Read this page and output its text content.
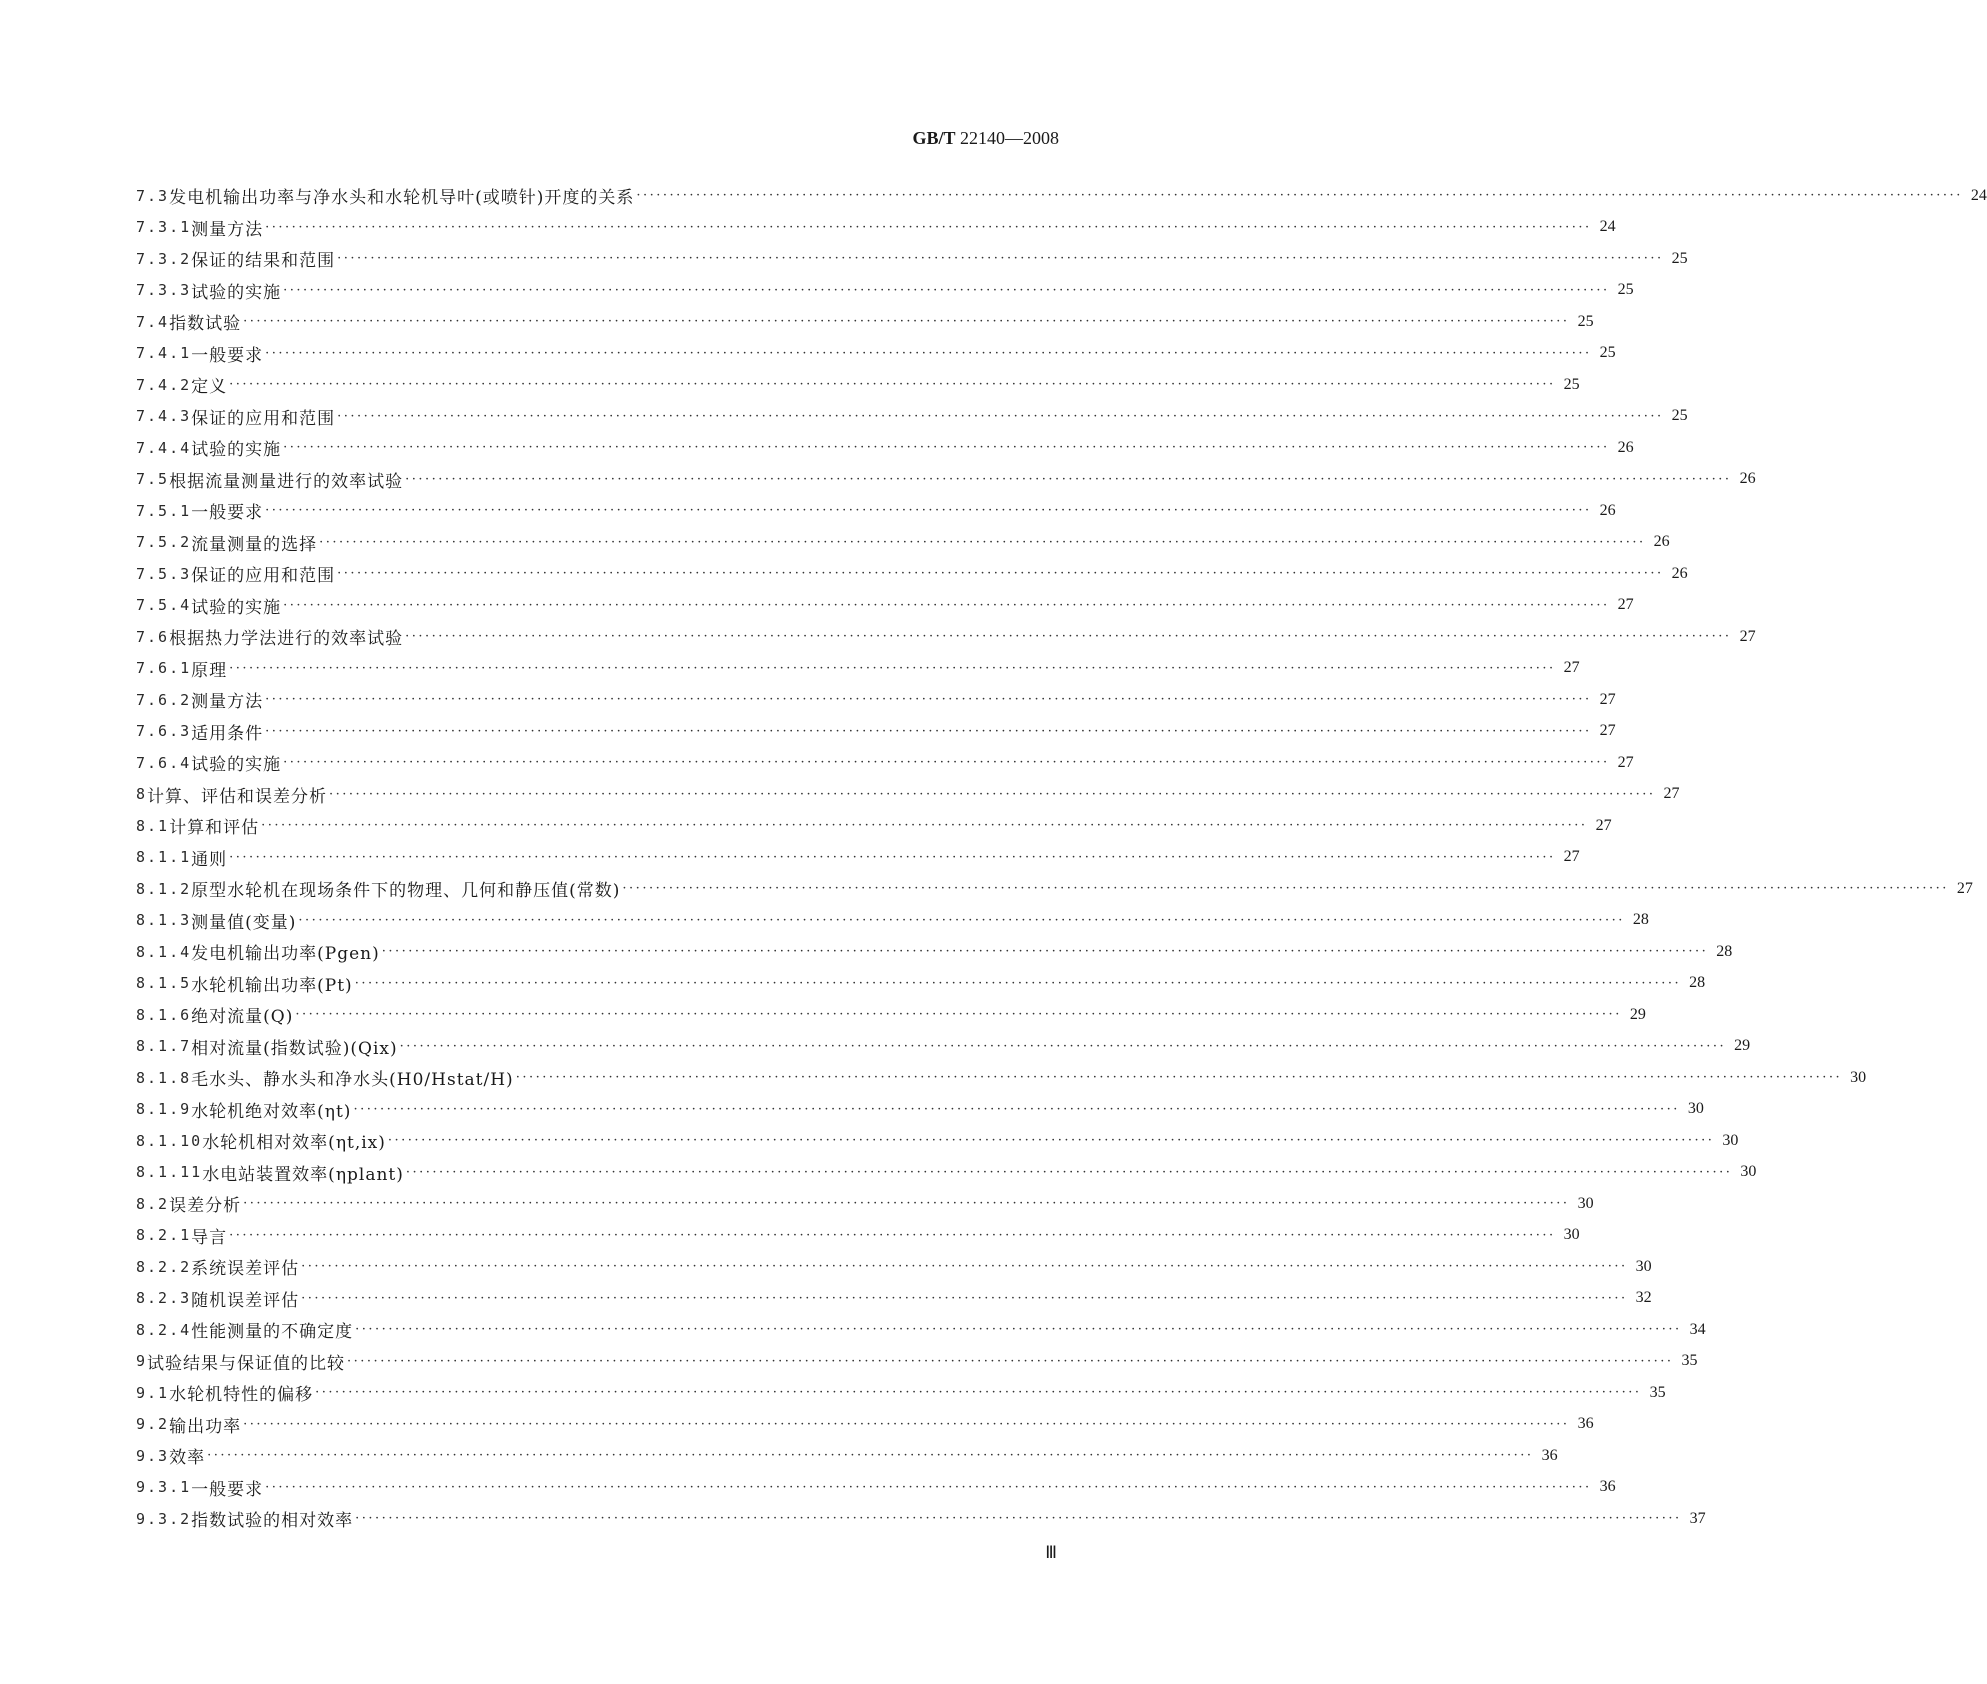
GB/T 22140—2008
7.3 发电机输出功率与净水头和水轮机导叶(或喷针)开度的关系 ········································································································································································································ 24
7.3.1 测量方法 ········································································································································································································ 24
7.3.2 保证的结果和范围 ········································································································································································································ 25
7.3.3 试验的实施 ········································································································································································································ 25
7.4 指数试验 ········································································································································································································ 25
7.4.1 一般要求 ········································································································································································································ 25
7.4.2 定义 ········································································································································································································ 25
7.4.3 保证的应用和范围 ········································································································································································································ 25
7.4.4 试验的实施 ········································································································································································································ 26
7.5 根据流量测量进行的效率试验 ········································································································································································································ 26
7.5.1 一般要求 ········································································································································································································ 26
7.5.2 流量测量的选择 ········································································································································································································ 26
7.5.3 保证的应用和范围 ········································································································································································································ 26
7.5.4 试验的实施 ········································································································································································································ 27
7.6 根据热力学法进行的效率试验 ········································································································································································································ 27
7.6.1 原理 ········································································································································································································ 27
7.6.2 测量方法 ········································································································································································································ 27
7.6.3 适用条件 ········································································································································································································ 27
7.6.4 试验的实施 ········································································································································································································ 27
8 计算、评估和误差分析 ········································································································································································································ 27
8.1 计算和评估 ········································································································································································································ 27
8.1.1 通则 ········································································································································································································ 27
8.1.2 原型水轮机在现场条件下的物理、几何和静压值(常数) ········································································································································································································ 27
8.1.3 测量值(变量) ········································································································································································································ 28
8.1.4 发电机输出功率(Pgen) ········································································································································································································ 28
8.1.5 水轮机输出功率(Pt) ········································································································································································································ 28
8.1.6 绝对流量(Q) ········································································································································································································ 29
8.1.7 相对流量(指数试验)(Qix) ········································································································································································································ 29
8.1.8 毛水头、静水头和净水头(H0/Hstat/H) ········································································································································································································ 30
8.1.9 水轮机绝对效率(ηt) ········································································································································································································ 30
8.1.10 水轮机相对效率(ηt,ix) ········································································································································································································ 30
8.1.11 水电站装置效率(ηplant) ········································································································································································································ 30
8.2 误差分析 ········································································································································································································ 30
8.2.1 导言 ········································································································································································································ 30
8.2.2 系统误差评估 ········································································································································································································ 30
8.2.3 随机误差评估 ········································································································································································································ 32
8.2.4 性能测量的不确定度 ········································································································································································································ 34
9 试验结果与保证值的比较 ········································································································································································································ 35
9.1 水轮机特性的偏移 ········································································································································································································ 35
9.2 输出功率 ········································································································································································································ 36
9.3 效率 ········································································································································································································ 36
9.3.1 一般要求 ········································································································································································································ 36
9.3.2 指数试验的相对效率 ········································································································································································································ 37
Ⅲ
